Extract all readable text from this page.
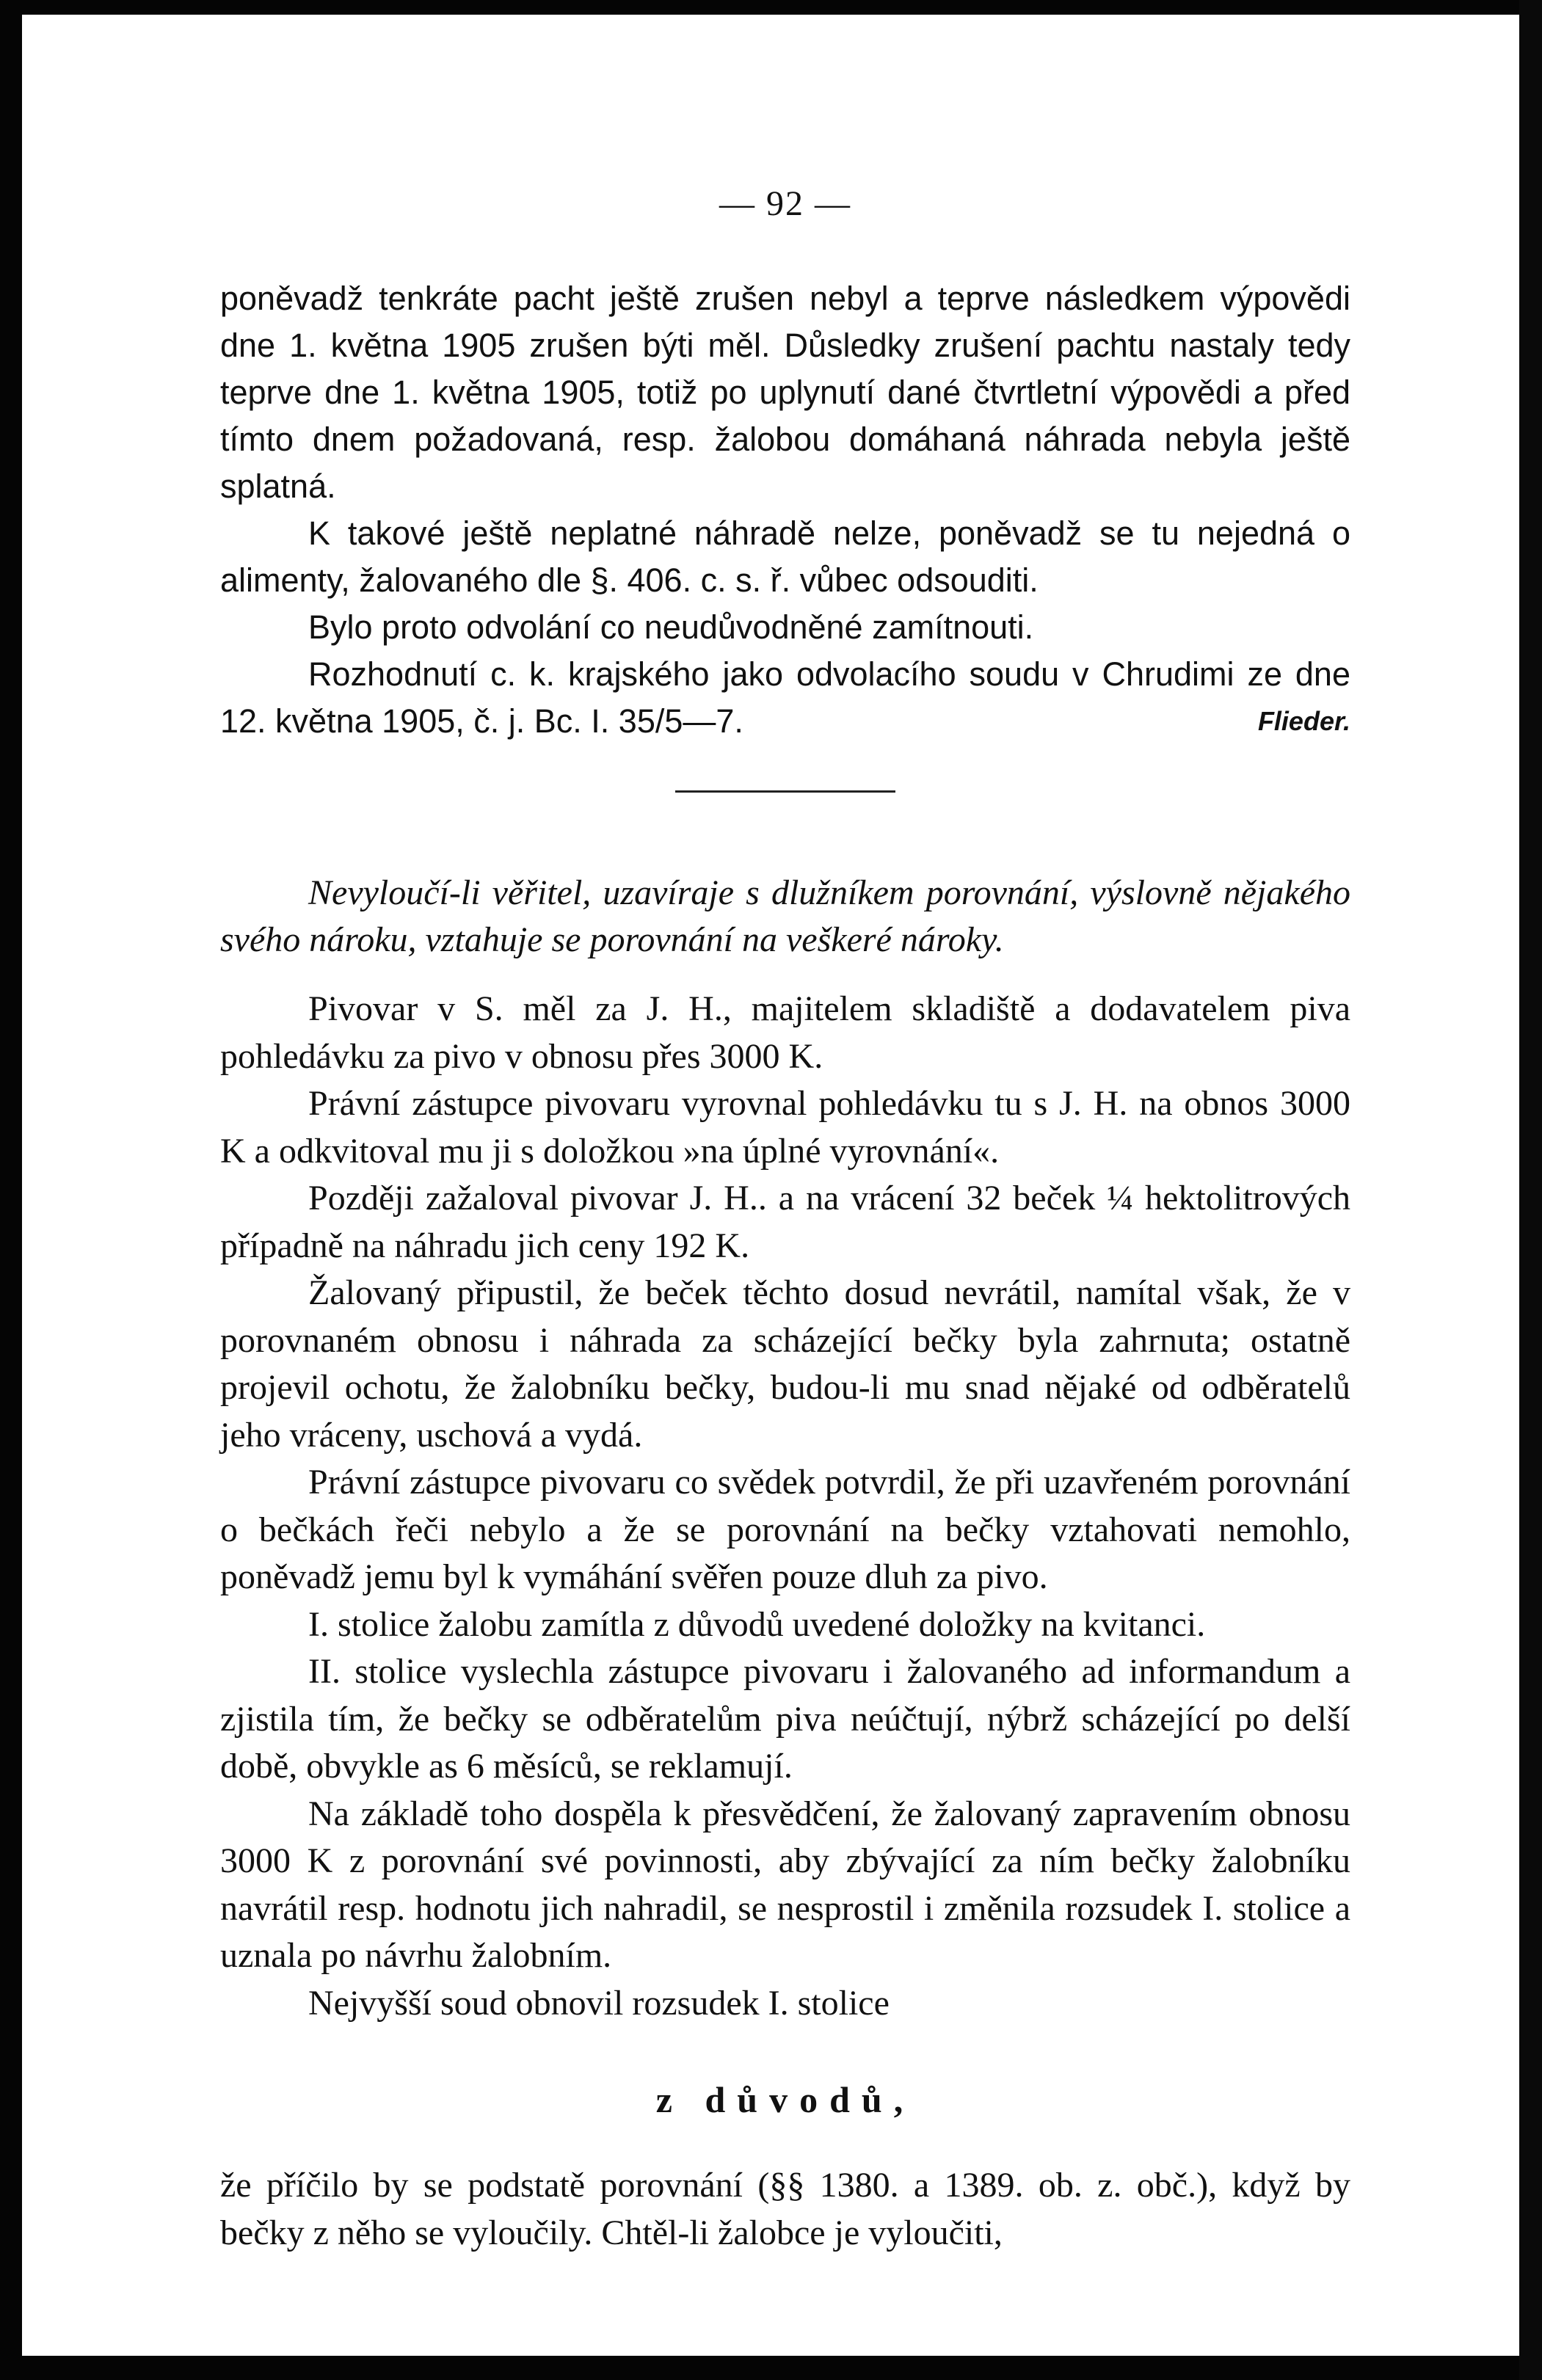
— 92 —

poněvadž tenkráte pacht ještě zrušen nebyl a teprve následkem výpovědi dne 1. května 1905 zrušen býti měl. Důsledky zrušení pachtu nastaly tedy teprve dne 1. května 1905, totiž po uplynutí dané čtvrtletní výpovědi a před tímto dnem požadovaná, resp. žalobou domáhaná náhrada nebyla ještě splatná.

K takové ještě neplatné náhradě nelze, poněvadž se tu nejedná o alimenty, žalovaného dle §. 406. c. s. ř. vůbec odsouditi.

Bylo proto odvolání co neudůvodněné zamítnouti.

Rozhodnutí c. k. krajského jako odvolacího soudu v Chrudimi ze dne 12. května 1905, č. j. Bc. I. 35/5—7.	Flieder.

Nevyloučí-li věřitel, uzavíraje s dlužníkem porovnání, výslovně nějakého svého nároku, vztahuje se porovnání na veškeré nároky.

Pivovar v S. měl za J. H., majitelem skladiště a dodavatelem piva pohledávku za pivo v obnosu přes 3000 K.

Právní zástupce pivovaru vyrovnal pohledávku tu s J. H. na obnos 3000 K a odkvitoval mu ji s doložkou »na úplné vyrovnání«.

Později zažaloval pivovar J. H.. a na vrácení 32 beček ¼ hektolitrových případně na náhradu jich ceny 192 K.

Žalovaný připustil, že beček těchto dosud nevrátil, namítal však, že v porovnaném obnosu i náhrada za scházející bečky byla zahrnuta; ostatně projevil ochotu, že žalobníku bečky, budou-li mu snad nějaké od odběratelů jeho vráceny, uschová a vydá.

Právní zástupce pivovaru co svědek potvrdil, že při uzavřeném porovnání o bečkách řeči nebylo a že se porovnání na bečky vztahovati nemohlo, poněvadž jemu byl k vymáhání svěřen pouze dluh za pivo.

I. stolice žalobu zamítla z důvodů uvedené doložky na kvitanci.

II. stolice vyslechla zástupce pivovaru i žalovaného ad informandum a zjistila tím, že bečky se odběratelům piva neúčtují, nýbrž scházející po delší době, obvykle as 6 měsíců, se reklamují.

Na základě toho dospěla k přesvědčení, že žalovaný zapravením obnosu 3000 K z porovnání své povinnosti, aby zbývající za ním bečky žalobníku navrátil resp. hodnotu jich nahradil, se nesprostil i změnila rozsudek I. stolice a uznala po návrhu žalobním.

Nejvyšší soud obnovil rozsudek I. stolice

z důvodů,

že příčilo by se podstatě porovnání (§§ 1380. a 1389. ob. z. obč.), když by bečky z něho se vyloučily. Chtěl-li žalobce je vyloučiti,
